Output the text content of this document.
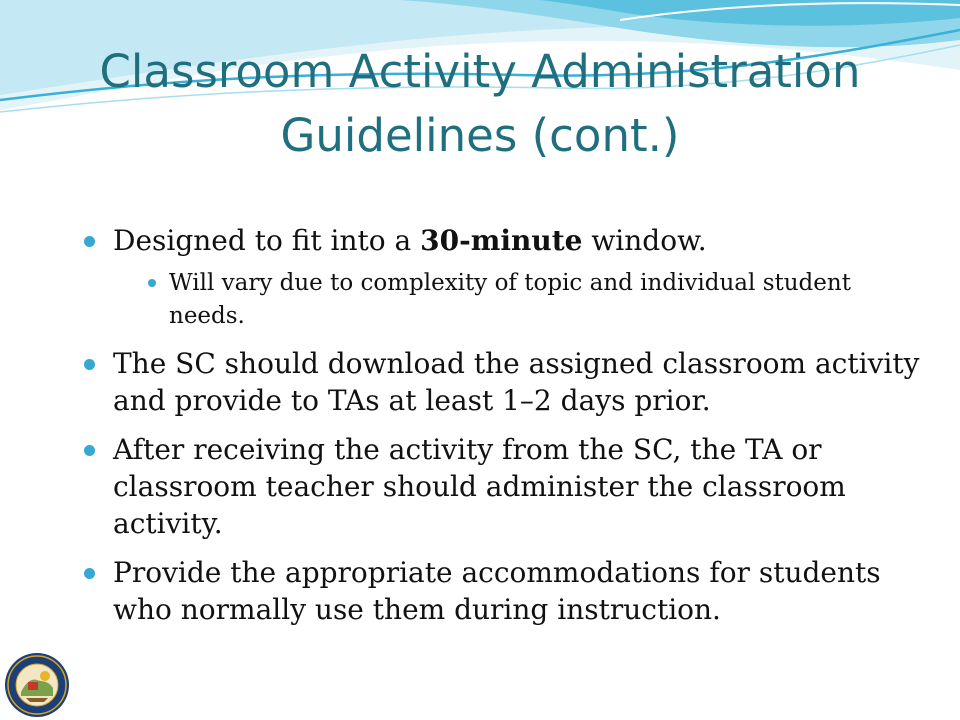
Classroom Activity Administration
Guidelines (cont.)
Designed to fit into a 30-minute window.
Will vary due to complexity of topic and individual student needs.
The SC should download the assigned classroom activity and provide to TAs at least 1–2 days prior.
After receiving the activity from the SC, the TA or classroom teacher should administer the classroom activity.
Provide the appropriate accommodations for students who normally use them during instruction.
